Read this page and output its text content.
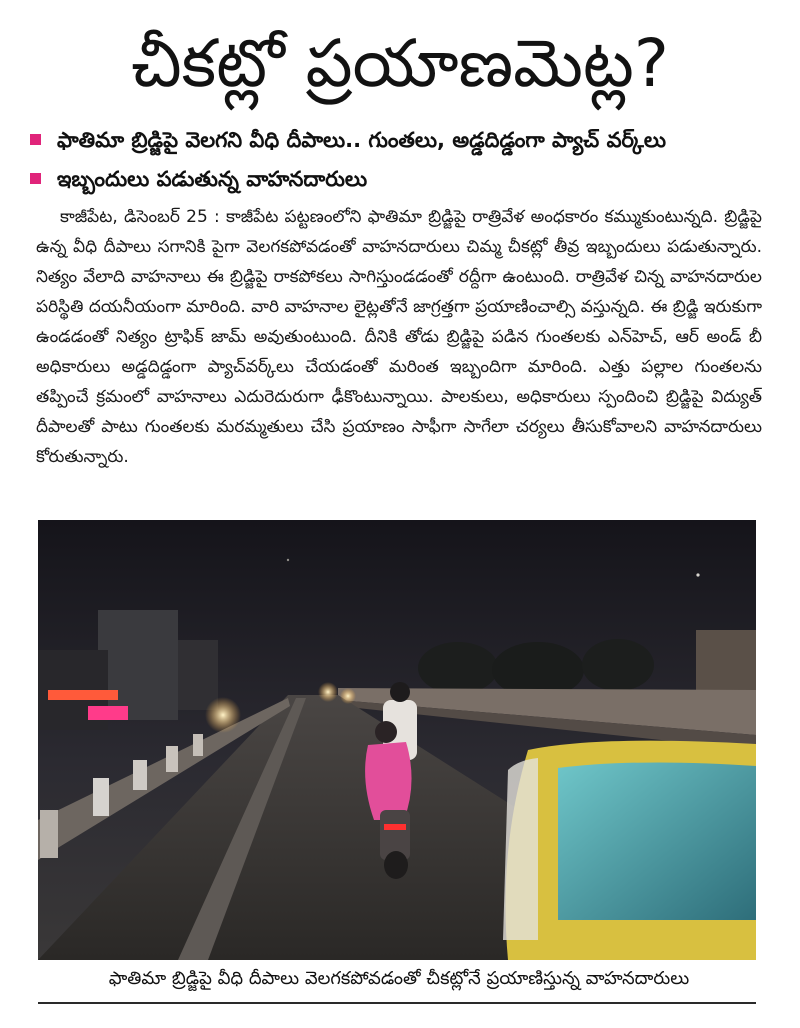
చీకట్లో ప్రయాణమెట్ల?
ఫాతిమా బ్రిడ్జిపై వెలగని వీధి దీపాలు.. గుంతలు, అడ్డదిడ్డంగా ప్యాచ్ వర్క్‌లు
ఇబ్బందులు పడుతున్న వాహనదారులు

కాజీపేట, డిసెంబర్ 25 : కాజీపేట పట్టణంలోని ఫాతిమా బ్రిడ్జిపై రాత్రివేళ అంధకారం కమ్ముకుంటున్నది. బ్రిడ్జిపై ఉన్న వీధి దీపాలు సగానికి పైగా వెలగకపోవడంతో వాహనదారులు చిమ్మ చీకట్లో తీవ్ర ఇబ్బందులు పడుతున్నారు. నిత్యం వేలాది వాహనాలు ఈ బ్రిడ్జిపై రాకపోకలు సాగిస్తుండడంతో రద్దీగా ఉంటుంది. రాత్రివేళ చిన్న వాహనదారుల పరిస్థితి దయనీయంగా మారింది. వారి వాహనాల లైట్లతోనే జాగ్రత్తగా ప్రయాణించాల్సి వస్తున్నది. ఈ బ్రిడ్జి ఇరుకుగా ఉండడంతో నిత్యం ట్రాఫిక్ జామ్ అవుతుంటుంది. దీనికి తోడు బ్రిడ్జిపై పడిన గుంతలకు ఎన్‌హెచ్, ఆర్ అండ్ బీ అధికారులు అడ్డదిడ్డంగా ప్యాచ్‌వర్క్‌లు చేయడంతో మరింత ఇబ్బందిగా మారింది. ఎత్తు పల్లాల గుంతలను తప్పించే క్రమంలో వాహనాలు ఎదురెదురుగా ఢీకొంటున్నాయి. పాలకులు, అధికారులు స్పందించి బ్రిడ్జిపై విద్యుత్ దీపాలతో పాటు గుంతలకు మరమ్మతులు చేసి ప్రయాణం సాఫీగా సాగేలా చర్యలు తీసుకోవాలని వాహనదారులు కోరుతున్నారు.

ఫాతిమా బ్రిడ్జిపై వీధి దీపాలు వెలగకపోవడంతో చీకట్లోనే ప్రయాణిస్తున్న వాహనదారులు
